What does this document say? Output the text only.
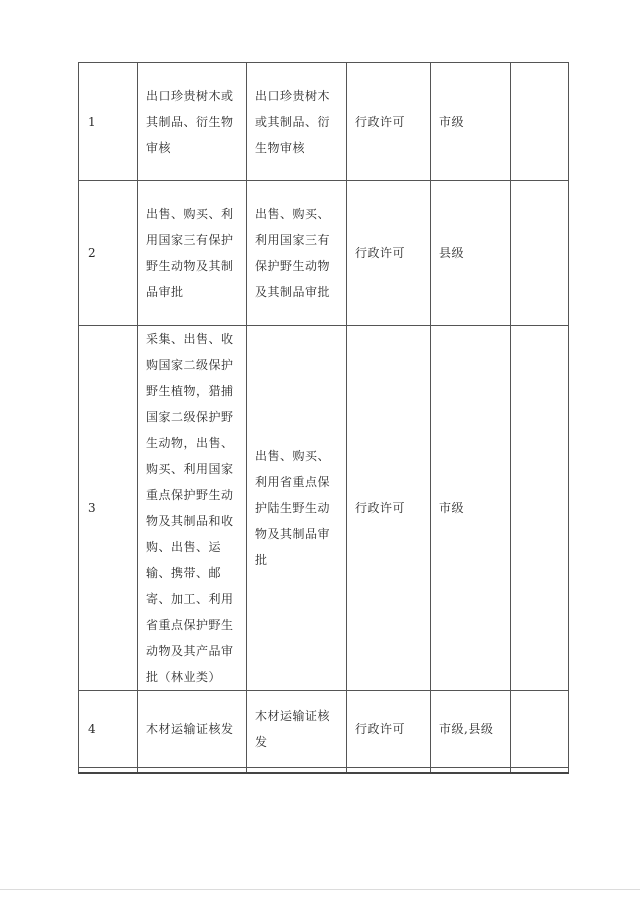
1	出口珍贵树木或其制品、衍生物审核	出口珍贵树木或其制品、衍生物审核	行政许可	市级	

2	出售、购买、利用国家三有保护野生动物及其制品审批	出售、购买、利用国家三有保护野生动物及其制品审批	行政许可	县级	

3	采集、出售、收购国家二级保护野生植物，猎捕国家二级保护野生动物，出售、购买、利用国家重点保护野生动物及其制品和收购、出售、运输、携带、邮寄、加工、利用省重点保护野生动物及其产品审批（林业类）	出售、购买、利用省重点保护陆生野生动物及其制品审批	行政许可	市级	

4	木材运输证核发	木材运输证核发	行政许可	市级,县级	
